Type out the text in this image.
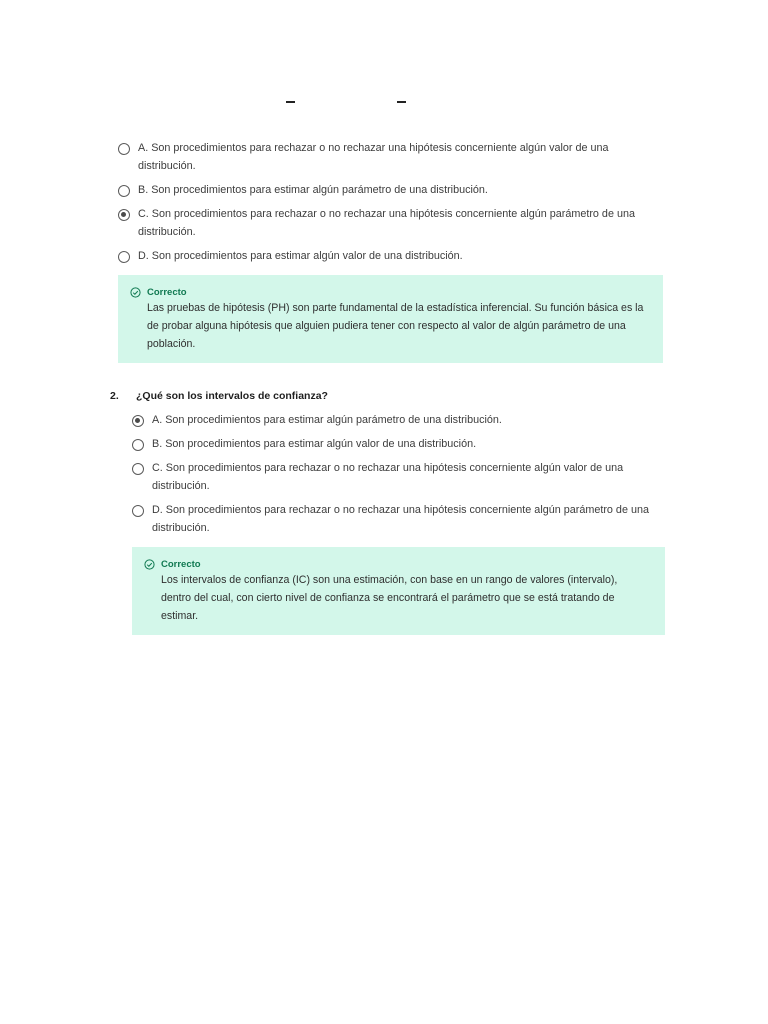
A. Son procedimientos para rechazar o no rechazar una hipótesis concerniente algún valor de una distribución.
B. Son procedimientos para estimar algún parámetro de una distribución.
C. Son procedimientos para rechazar o no rechazar una hipótesis concerniente algún parámetro de una distribución.
D. Son procedimientos para estimar algún valor de una distribución.
Correcto
Las pruebas de hipótesis (PH) son parte fundamental de la estadística inferencial. Su función básica es la de probar alguna hipótesis que alguien pudiera tener con respecto al valor de algún parámetro de una población.
2.	¿Qué son los intervalos de confianza?
A. Son procedimientos para estimar algún parámetro de una distribución.
B. Son procedimientos para estimar algún valor de una distribución.
C. Son procedimientos para rechazar o no rechazar una hipótesis concerniente algún valor de una distribución.
D. Son procedimientos para rechazar o no rechazar una hipótesis concerniente algún parámetro de una distribución.
Correcto
Los intervalos de confianza (IC) son una estimación, con base en un rango de valores (intervalo), dentro del cual, con cierto nivel de confianza se encontrará el parámetro que se está tratando de estimar.
